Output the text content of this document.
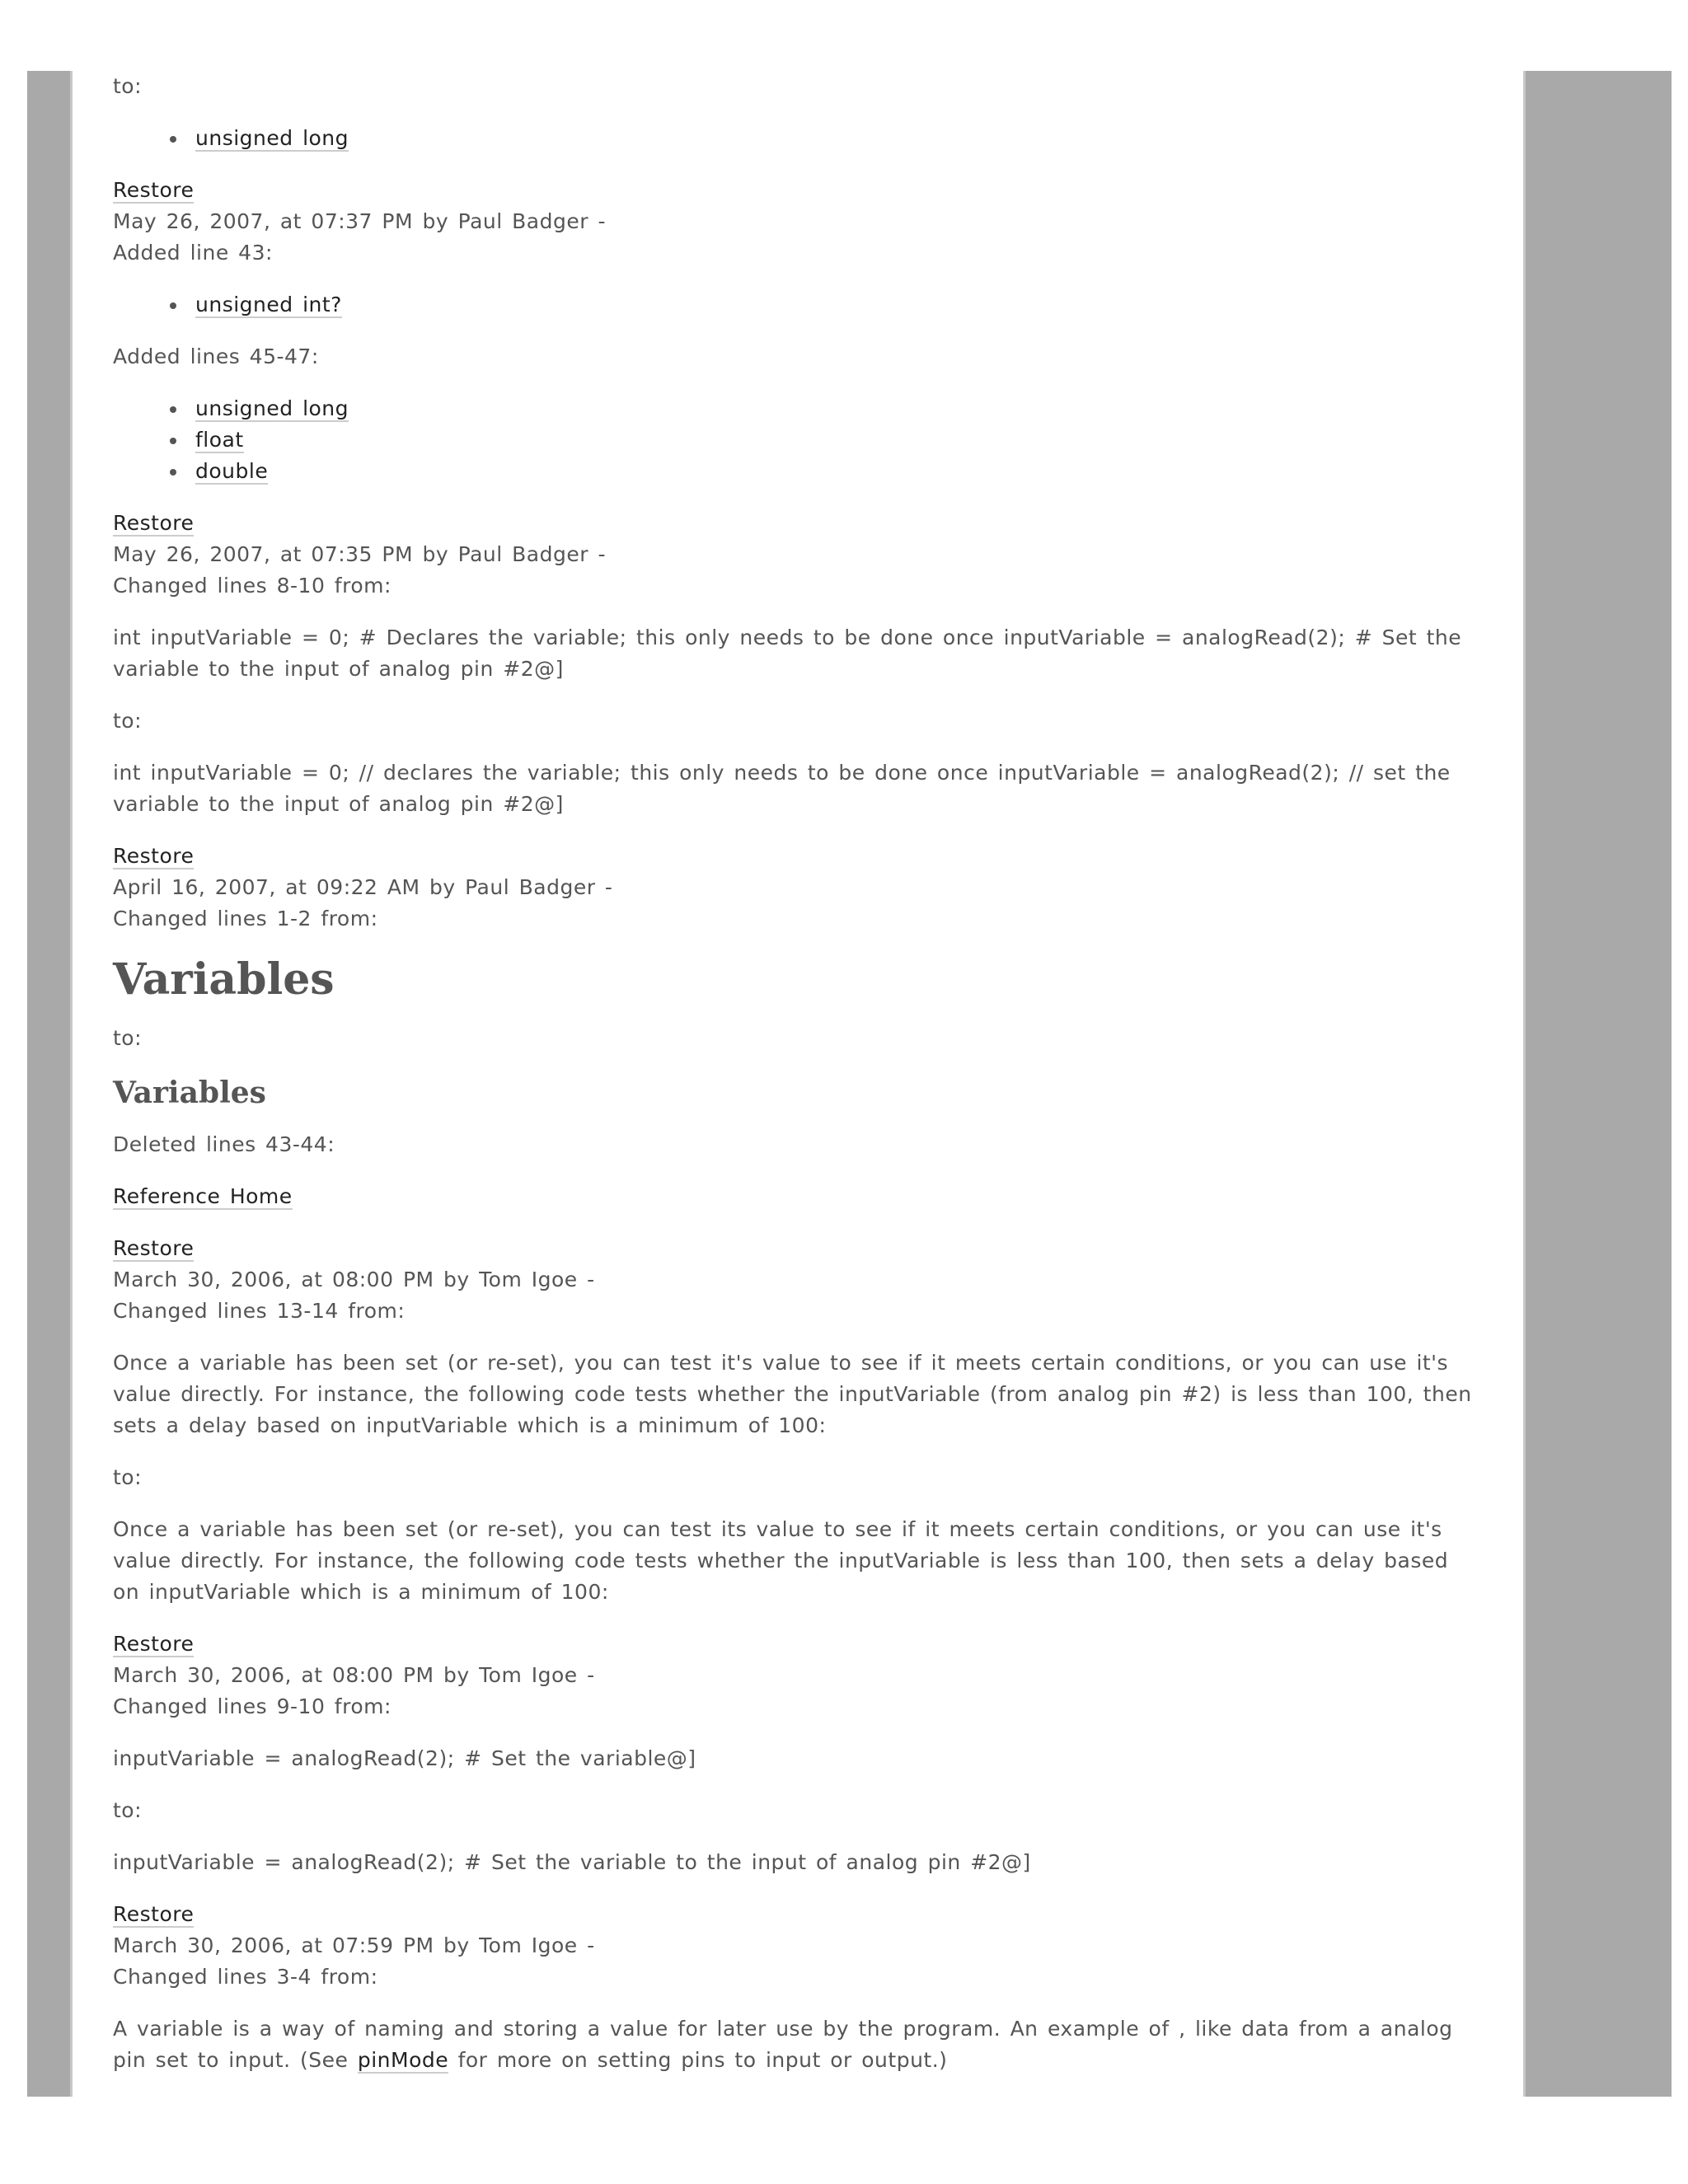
to:

unsigned long
Restore
May 26, 2007, at 07:37 PM by Paul Badger -
Added line 43:
unsigned int?

Added lines 45-47:

unsigned long
float
double
Restore
May 26, 2007, at 07:35 PM by Paul Badger -
Changed lines 8-10 from:

int inputVariable = 0; # Declares the variable; this only needs to be done once inputVariable = analogRead(2); # Set the variable to the input of analog pin #2@]

to:

int inputVariable = 0; // declares the variable; this only needs to be done once inputVariable = analogRead(2); // set the variable to the input of analog pin #2@]

Restore
April 16, 2007, at 09:22 AM by Paul Badger -
Changed lines 1-2 from:
Variables

to:

Variables

Deleted lines 43-44:

Reference Home

Restore
March 30, 2006, at 08:00 PM by Tom Igoe -
Changed lines 13-14 from:

Once a variable has been set (or re-set), you can test it's value to see if it meets certain conditions, or you can use it's value directly. For instance, the following code tests whether the inputVariable (from analog pin #2) is less than 100, then sets a delay based on inputVariable which is a minimum of 100:

to:

Once a variable has been set (or re-set), you can test its value to see if it meets certain conditions, or you can use it's value directly. For instance, the following code tests whether the inputVariable is less than 100, then sets a delay based on inputVariable which is a minimum of 100:

Restore
March 30, 2006, at 08:00 PM by Tom Igoe -
Changed lines 9-10 from:

inputVariable = analogRead(2); # Set the variable@]

to:

inputVariable = analogRead(2); # Set the variable to the input of analog pin #2@]

Restore
March 30, 2006, at 07:59 PM by Tom Igoe -
Changed lines 3-4 from:

A variable is a way of naming and storing a value for later use by the program. An example of , like data from a analog pin set to input. (See pinMode for more on setting pins to input or output.)
